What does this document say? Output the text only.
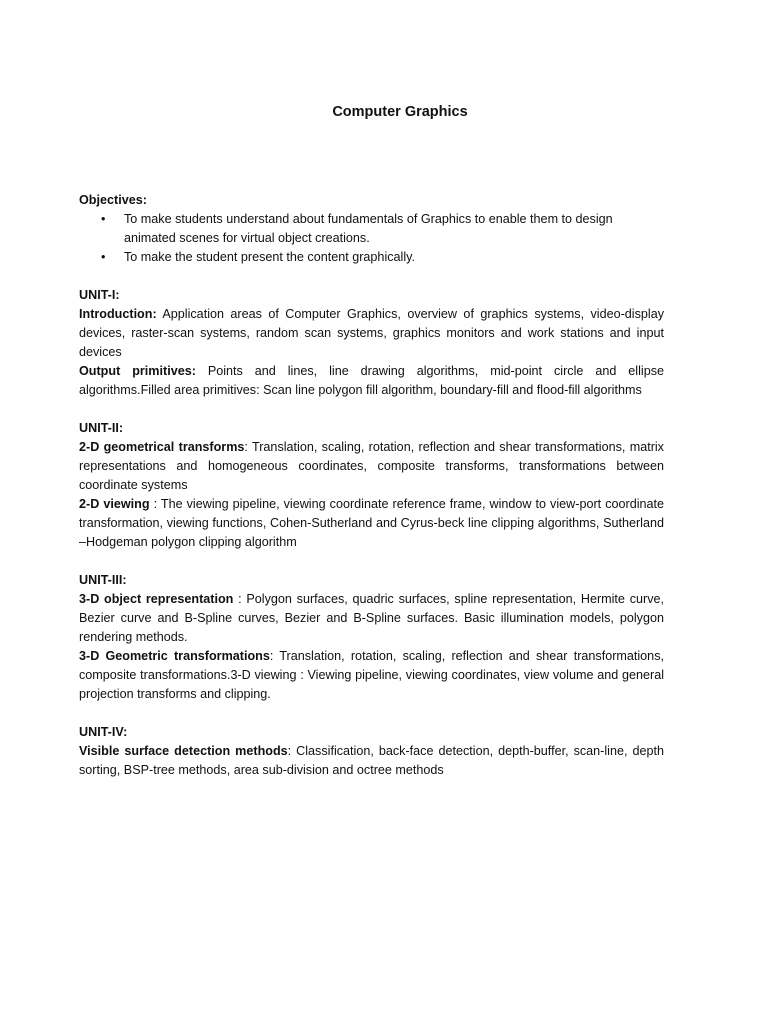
Computer Graphics
Objectives:
• To make students understand about fundamentals of Graphics to enable them to design animated scenes for virtual object creations.
• To make the student present the content graphically.
UNIT-I:

Introduction: Application areas of Computer Graphics, overview of graphics systems, video-display devices, raster-scan systems, random scan systems, graphics monitors and work stations and input devices

Output primitives: Points and lines, line drawing algorithms, mid-point circle and ellipse algorithms.Filled area primitives: Scan line polygon fill algorithm, boundary-fill and flood-fill algorithms

UNIT-II:

2-D geometrical transforms: Translation, scaling, rotation, reflection and shear transformations, matrix representations and homogeneous coordinates, composite transforms, transformations between coordinate systems

2-D viewing : The viewing pipeline, viewing coordinate reference frame, window to view-port coordinate transformation, viewing functions, Cohen-Sutherland and Cyrus-beck line clipping algorithms, Sutherland –Hodgeman polygon clipping algorithm

UNIT-III:

3-D object representation : Polygon surfaces, quadric surfaces, spline representation, Hermite curve, Bezier curve and B-Spline curves, Bezier and B-Spline surfaces. Basic illumination models, polygon rendering methods.

3-D Geometric transformations: Translation, rotation, scaling, reflection and shear transformations, composite transformations.3-D viewing : Viewing pipeline, viewing coordinates, view volume and general projection transforms and clipping.

UNIT-IV:

Visible surface detection methods: Classification, back-face detection, depth-buffer, scan-line, depth sorting, BSP-tree methods, area sub-division and octree methods
